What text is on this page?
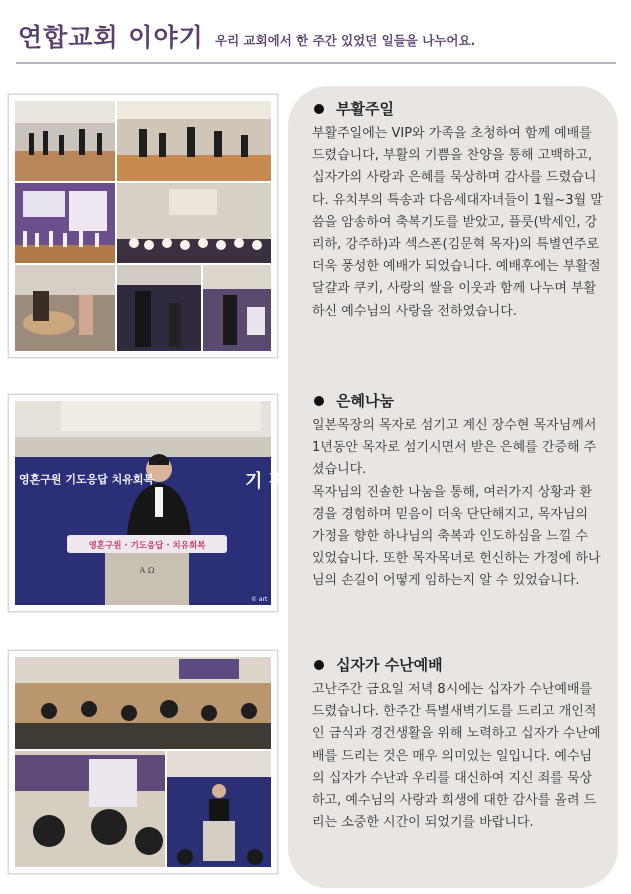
연합교회 이야기 우리 교회에서 한 주간 있었던 일들을 나누어요.
부활주일
부활주일에는 VIP와 가족을 초청하여 함께 예배를 드렸습니다, 부활의 기쁨을 찬양을 통해 고백하고, 십자가의 사랑과 은혜를 묵상하며 감사를 드렸습니다. 유치부의 특송과 다음세대자녀들이 1월~3월 말씀을 암송하여 축복기도를 받았고, 플룻(박세인, 강리하, 강주하)과 섹스폰(김문혁 목자)의 특별연주로 더욱 풍성한 예배가 되었습니다. 예배후에는 부활절 달걀과 쿠키, 사랑의 쌀을 이웃과 함께 나누며 부활하신 예수님의 사랑을 전하였습니다.
은혜나눔
일본목장의 목자로 섬기고 계신 장수현 목자님께서 1년동안 목자로 섬기시면서 받은 은혜를 간증해 주셨습니다.
목자님의 진솔한 나눔을 통해, 여러가지 상황과 환경을 경험하며 믿음이 더욱 단단해지고, 목자님의 가정을 향한 하나님의 축복과 인도하심을 느낄 수 있었습니다. 또한 목자목녀로 헌신하는 가정에 하나님의 손길이 어떻게 임하는지 알 수 있었습니다.
십자가 수난예배
고난주간 금요일 저녁 8시에는 십자가 수난예배를 드렸습니다. 한주간 특별새벽기도를 드리고 개인적인 금식과 경건생활을 위해 노력하고 십자가 수난예배를 드리는 것은 매우 의미있는 일입니다. 예수님의 십자가 수난과 우리를 대신하여 지신 죄를 묵상하고, 예수님의 사랑과 희생에 대한 감사를 올려 드리는 소중한 시간이 되었기를 바랍니다.
A Ω
영혼구원 · 기도응답 · 치유회복
영혼구원 기도응답 치유회복	기 적
© art
